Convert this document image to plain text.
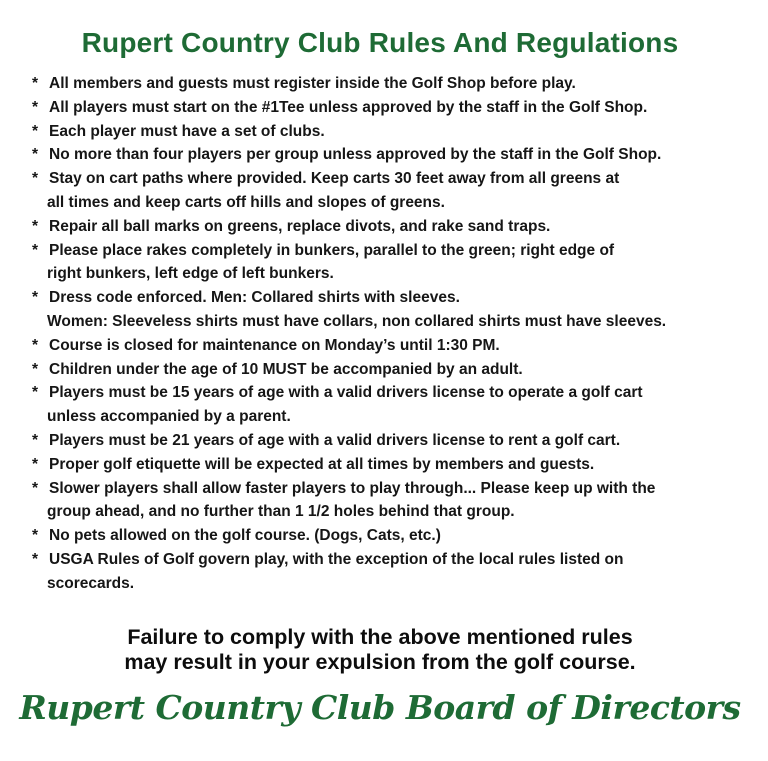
Rupert Country Club Rules And Regulations
* All members and guests must register inside the Golf Shop before play.
* All players must start on the #1Tee unless approved by the staff in the Golf Shop.
* Each player must have a set of clubs.
* No more than four players per group unless approved by the staff in the Golf Shop.
* Stay on cart paths where provided. Keep carts 30 feet away from all greens at
all times and keep carts off hills and slopes of greens.
* Repair all ball marks on greens, replace divots, and rake sand traps.
* Please place rakes completely in bunkers, parallel to the green; right edge of
right bunkers, left edge of left bunkers.
* Dress code enforced. Men: Collared shirts with sleeves.
Women: Sleeveless shirts must have collars, non collared shirts must have sleeves.
* Course is closed for maintenance on Monday’s until 1:30 PM.
* Children under the age of 10 MUST be accompanied by an adult.
* Players must be 15 years of age with a valid drivers license to operate a golf cart
unless accompanied by a parent.
* Players must be 21 years of age with a valid drivers license to rent a golf cart.
* Proper golf etiquette will be expected at all times by members and guests.
* Slower players shall allow faster players to play through... Please keep up with the
group ahead, and no further than 1 1/2 holes behind that group.
* No pets allowed on the golf course. (Dogs, Cats, etc.)
* USGA Rules of Golf govern play, with the exception of the local rules listed on
scorecards.
Failure to comply with the above mentioned rules
may result in your expulsion from the golf course.
Rupert Country Club Board of Directors
